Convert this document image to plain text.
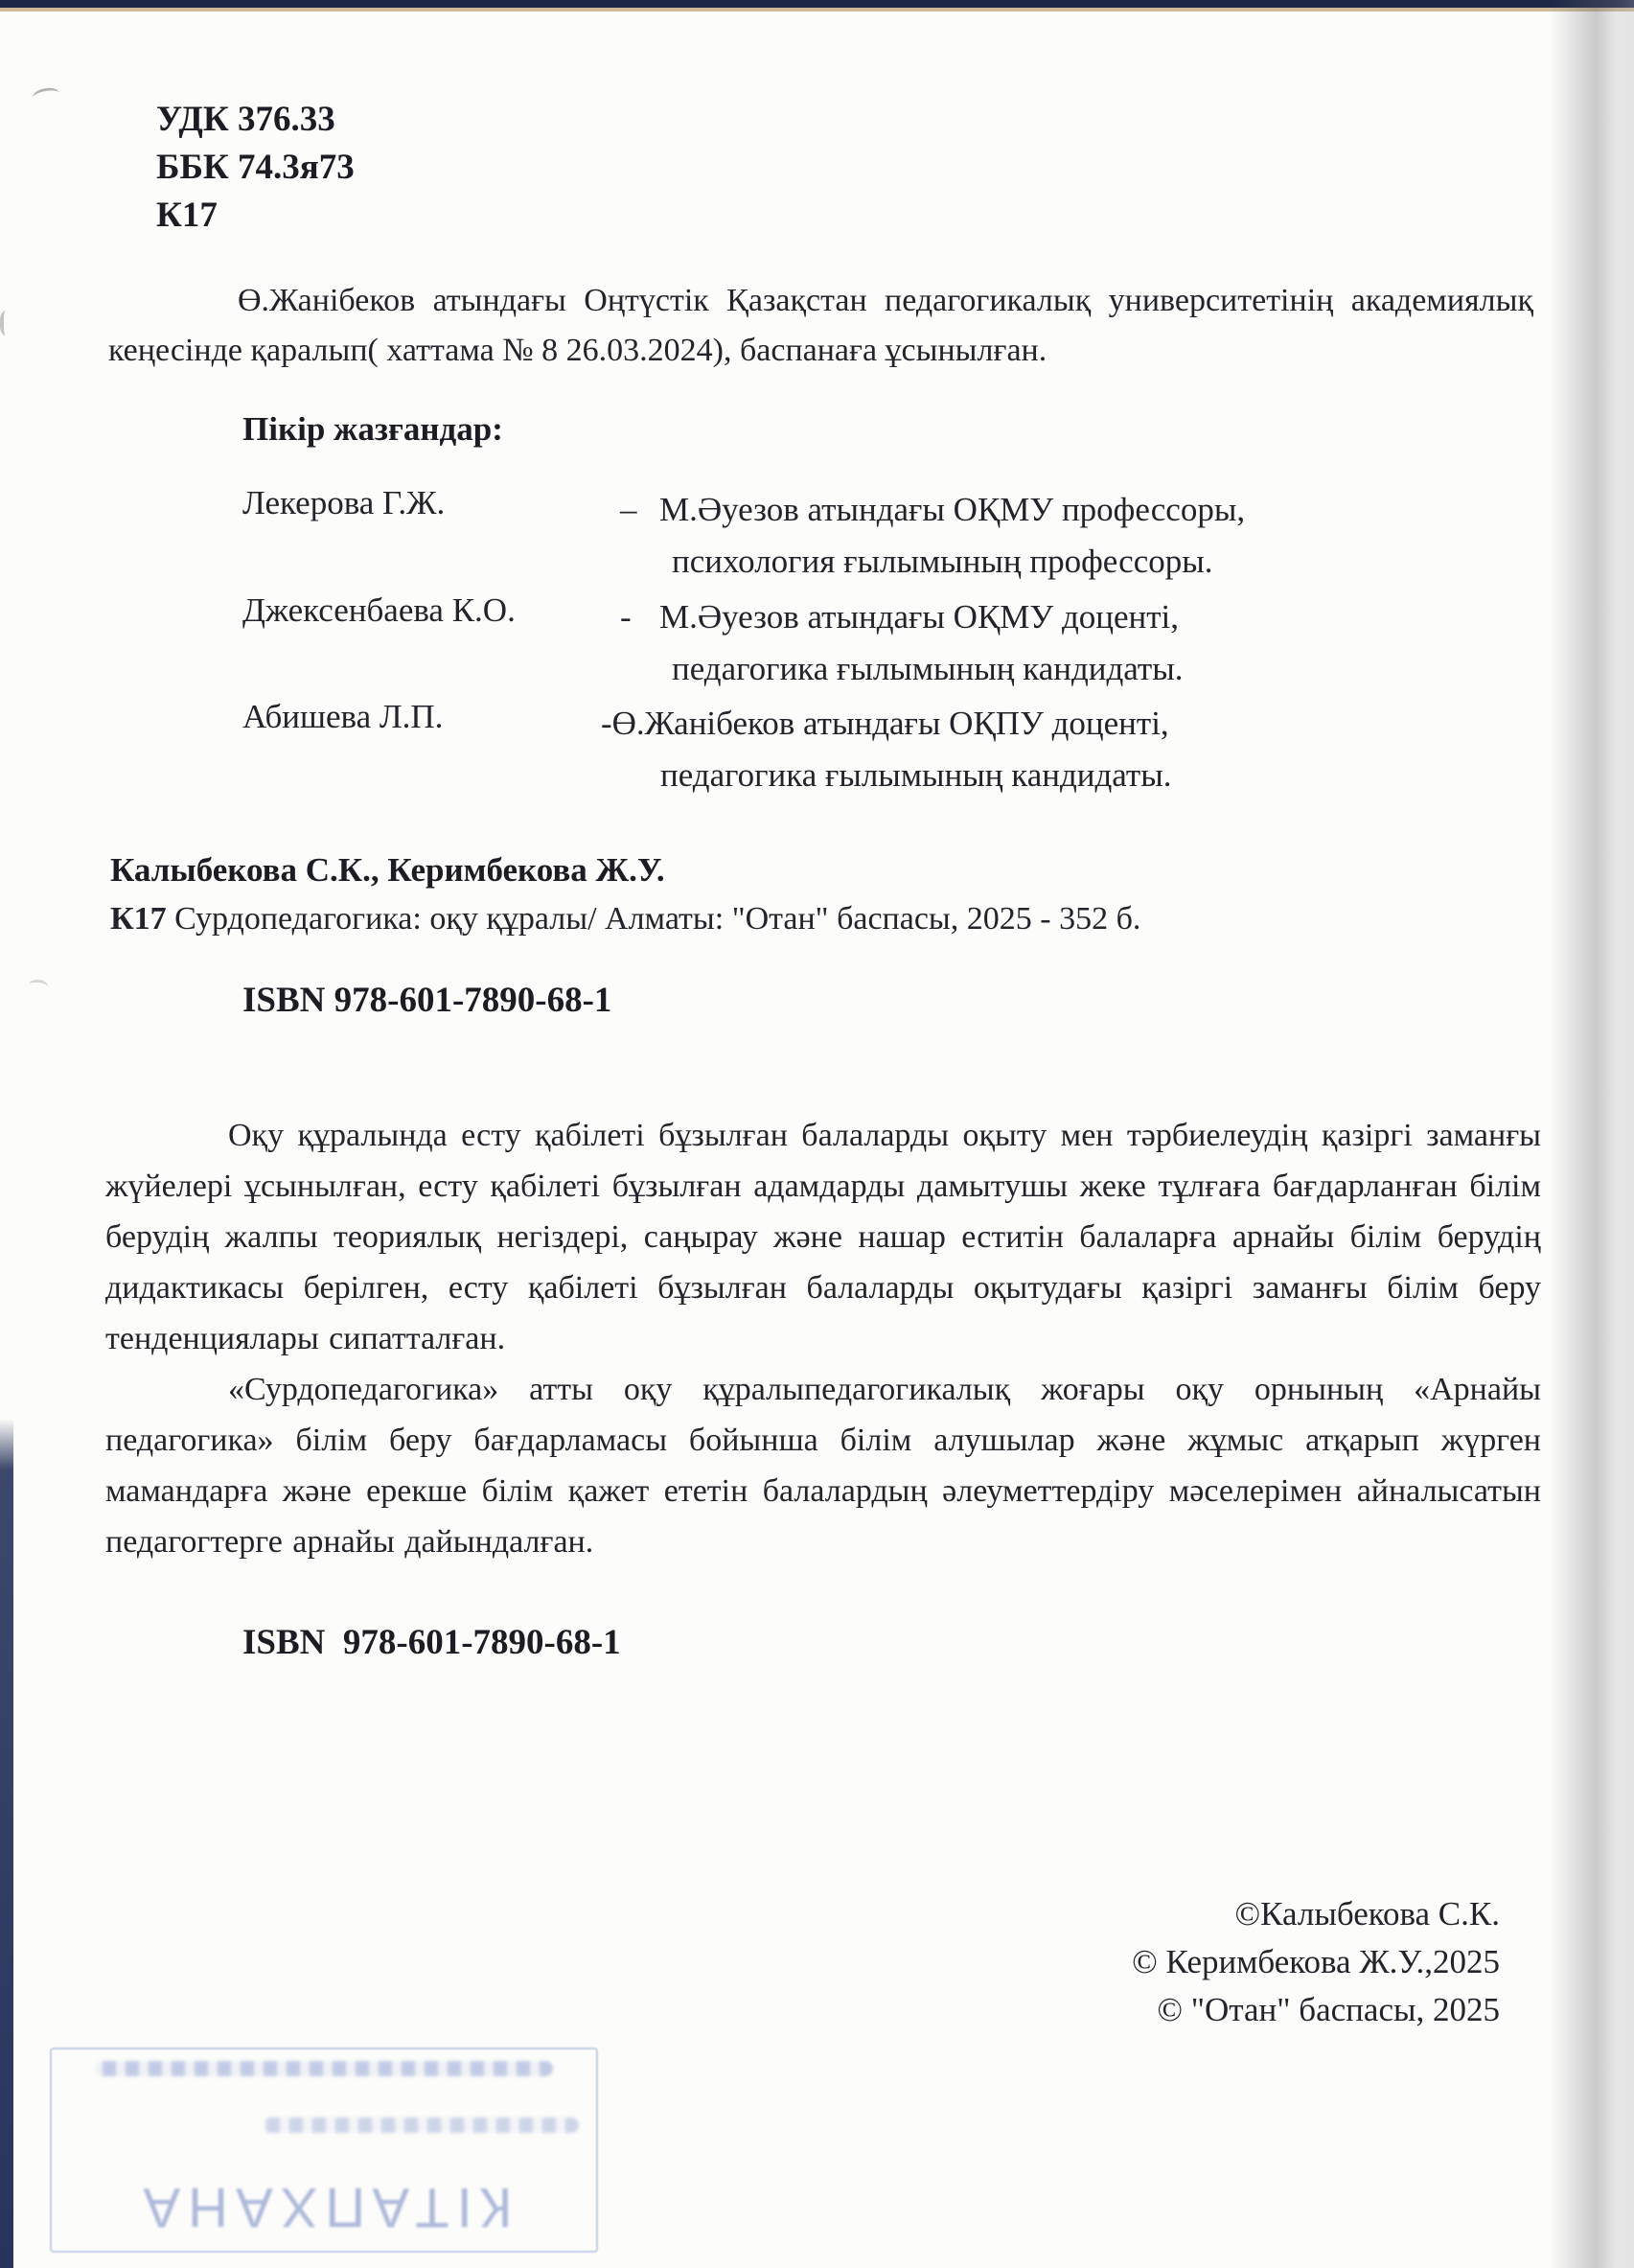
УДК 376.33
ББК 74.3я73
К17
Ө.Жанібеков атындағы Оңтүстік Қазақстан педагогикалық университетінің академиялық кеңесінде қаралып( хаттама № 8 26.03.2024), баспанаға ұсынылған.
Пікір жазғандар:
Лекерова Г.Ж.	– М.Әуезов атындағы ОҚМУ профессоры,
психология ғылымының профессоры.
Джексенбаева К.О.	- М.Әуезов атындағы ОҚМУ доценті,
педагогика ғылымының кандидаты.
Абишева Л.П.	-Ө.Жанібеков атындағы ОҚПУ доценті,
педагогика ғылымының кандидаты.
Калыбекова С.К., Керимбекова Ж.У.
К17 Сурдопедагогика: оқу құралы/ Алматы: "Отан" баспасы, 2025 - 352 б.
ISBN 978-601-7890-68-1

Оқу құралында есту қабілеті бұзылған балаларды оқыту мен тәрбиелеудің қазіргі заманғы жүйелері ұсынылған, есту қабілеті бұзылған адамдарды дамытушы жеке тұлғаға бағдарланған білім берудің жалпы теориялық негіздері, саңырау және нашар еститін балаларға арнайы білім берудің дидактикасы берілген, есту қабілеті бұзылған балаларды оқытудағы қазіргі заманғы білім беру тенденциялары сипатталған.

«Сурдопедагогика» атты оқу құралыпедагогикалық жоғары оқу орнының «Арнайы педагогика» білім беру бағдарламасы бойынша білім алушылар және жұмыс атқарып жүрген мамандарға және ерекше білім қажет ететін балалардың әлеуметтердіру мәселерімен айналысатын педагогтерге арнайы дайындалған.

ISBN  978-601-7890-68-1
©Калыбекова С.К.
© Керимбекова Ж.У.,2025
© "Отан" баспасы, 2025
КІТАПХАНА
